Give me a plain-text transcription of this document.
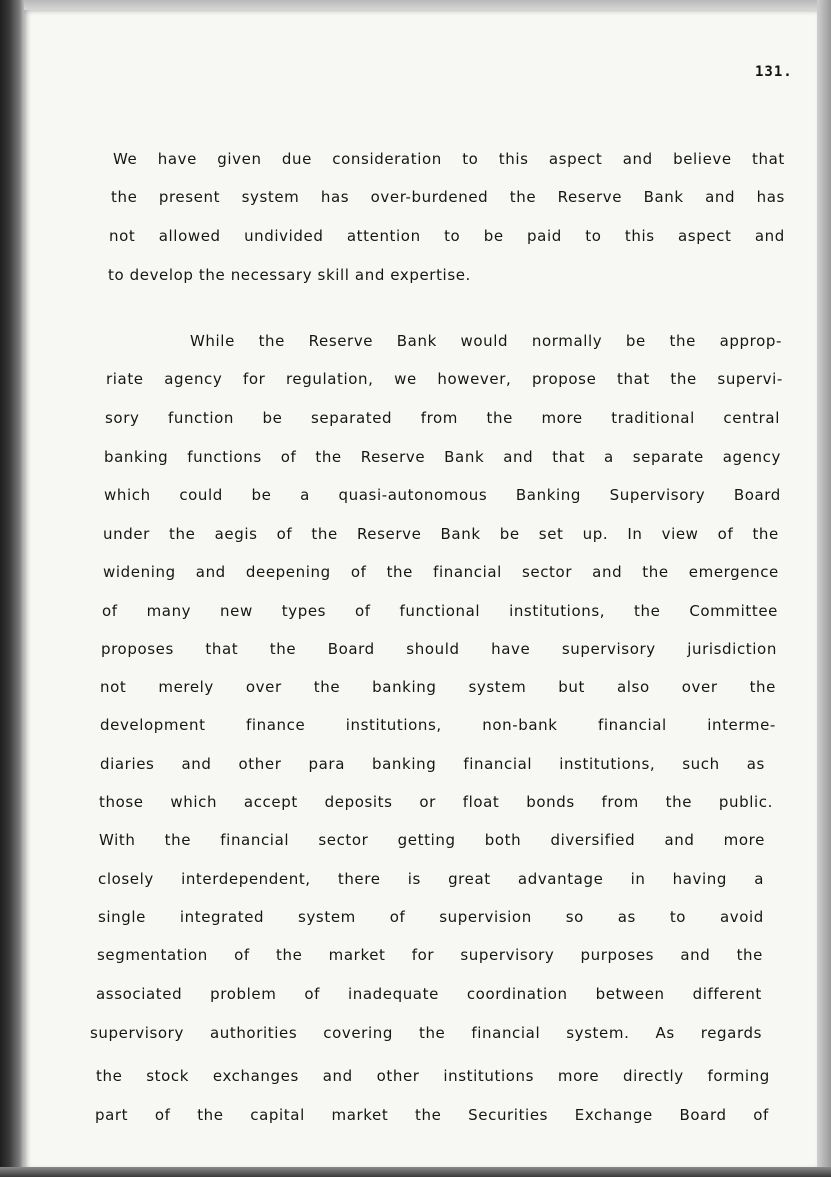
131.
We have given due consideration to this aspect and believe that
the present system has over-burdened the Reserve Bank and has
not allowed undivided attention to be paid to this aspect and
to develop the necessary skill and expertise.
While the Reserve Bank would normally be the approp-
riate agency for regulation, we however, propose that the supervi-
sory function be separated from the more traditional central
banking functions of the Reserve Bank and that a separate agency
which could be a quasi-autonomous Banking Supervisory Board
under the aegis of the Reserve Bank be set up. In view of the
widening and deepening of the financial sector and the emergence
of many new types of functional institutions, the Committee
proposes that the Board should have supervisory jurisdiction
not merely over the banking system but also over the
development	finance	institutions,	non-bank	financial	interme-
diaries and other para banking financial institutions, such as
those which accept deposits or float bonds from the public.
With the financial sector getting both diversified and more
closely interdependent, there is great advantage in having a
single integrated system of supervision so as to avoid
segmentation of the market for supervisory purposes and the
associated problem of inadequate coordination between different
supervisory authorities covering the financial system. As regards
the stock exchanges and other institutions more directly forming
part of the capital market the Securities Exchange Board of
